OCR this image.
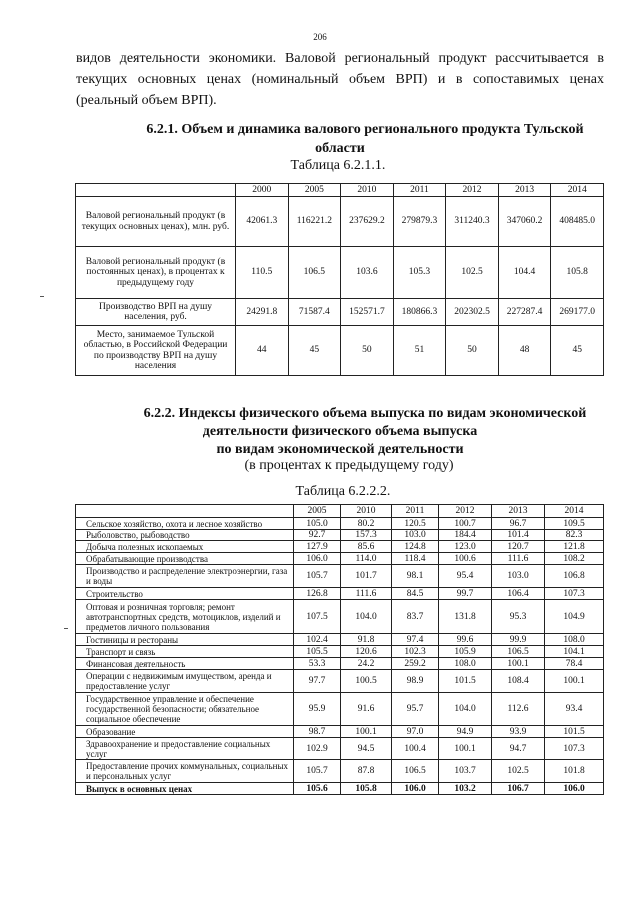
206

видов деятельности экономики. Валовой региональный продукт рассчитывается в текущих основных ценах (номинальный объем ВРП) и в сопоставимых ценах (реальный объем ВРП).

6.2.1. Объем и динамика валового регионального продукта Тульской
области
Таблица 6.2.1.1.
	2000	2005	2010	2011	2012	2013	2014
Валовой региональный продукт (в текущих основных ценах), млн. руб.	42061.3	116221.2	237629.2	279879.3	311240.3	347060.2	408485.0
Валовой региональный продукт (в постоянных ценах), в процентах к предыдущему году	110.5	106.5	103.6	105.3	102.5	104.4	105.8
Производство ВРП на душу населения, руб.	24291.8	71587.4	152571.7	180866.3	202302.5	227287.4	269177.0
Место, занимаемое Тульской областью, в Российской Федерации по производству ВРП на душу населения	44	45	50	51	50	48	45
6.2.2. Индексы физического объема выпуска по видам экономической
деятельности физического объема выпуска
по видам экономической деятельности
(в процентах к предыдущему году)
Таблица 6.2.2.2.
	2005	2010	2011	2012	2013	2014
Сельское хозяйство, охота и лесное хозяйство	105.0	80.2	120.5	100.7	96.7	109.5
Рыболовство, рыбоводство	92.7	157.3	103.0	184.4	101.4	82.3
Добыча полезных ископаемых	127.9	85.6	124.8	123.0	120.7	121.8
Обрабатывающие производства	106.0	114.0	118.4	100.6	111.6	108.2
Производство и распределение электроэнергии, газа и воды	105.7	101.7	98.1	95.4	103.0	106.8
Строительство	126.8	111.6	84.5	99.7	106.4	107.3
Оптовая и розничная торговля; ремонт автотранспортных средств, мотоциклов, изделий и предметов личного пользования	107.5	104.0	83.7	131.8	95.3	104.9
Гостиницы и рестораны	102.4	91.8	97.4	99.6	99.9	108.0
Транспорт и связь	105.5	120.6	102.3	105.9	106.5	104.1
Финансовая деятельность	53.3	24.2	259.2	108.0	100.1	78.4
Операции с недвижимым имуществом, аренда и предоставление услуг	97.7	100.5	98.9	101.5	108.4	100.1
Государственное управление и обеспечение государственной безопасности; обязательное социальное обеспечение	95.9	91.6	95.7	104.0	112.6	93.4
Образование	98.7	100.1	97.0	94.9	93.9	101.5
Здравоохранение и предоставление социальных услуг	102.9	94.5	100.4	100.1	94.7	107.3
Предоставление прочих коммунальных, социальных и персональных услуг	105.7	87.8	106.5	103.7	102.5	101.8
Выпуск в основных ценах	105.6	105.8	106.0	103.2	106.7	106.0
